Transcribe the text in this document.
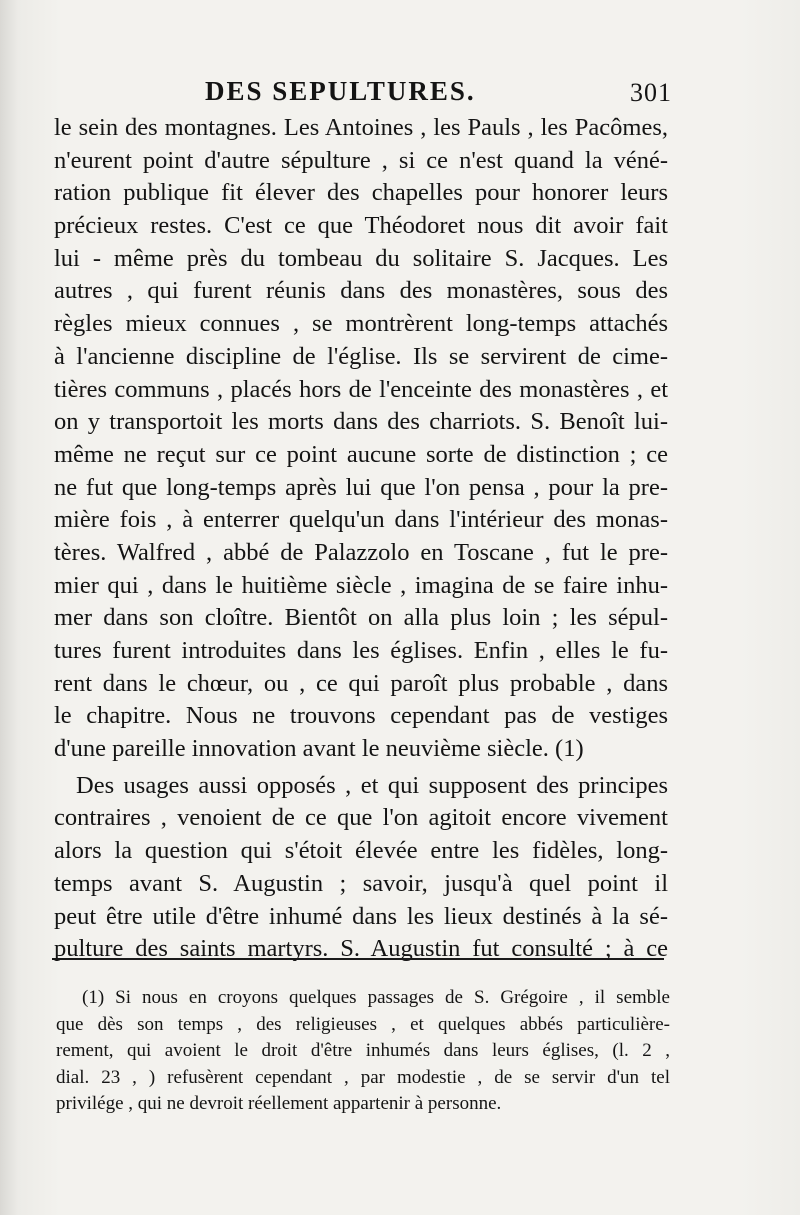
DES SEPULTURES.	301
le sein des montagnes. Les Antoines , les Pauls , les Pacômes,
n'eurent point d'autre sépulture , si ce n'est quand la véné-
ration publique fit élever des chapelles pour honorer leurs
précieux restes. C'est ce que Théodoret nous dit avoir fait
lui - même près du tombeau du solitaire S. Jacques. Les
autres , qui furent réunis dans des monastères, sous des
règles mieux connues , se montrèrent long-temps attachés
à l'ancienne discipline de l'église. Ils se servirent de cime-
tières communs , placés hors de l'enceinte des monastères , et
on y transportoit les morts dans des charriots. S. Benoît lui-
même ne reçut sur ce point aucune sorte de distinction ; ce
ne fut que long-temps après lui que l'on pensa , pour la pre-
mière fois , à enterrer quelqu'un dans l'intérieur des monas-
tères. Walfred , abbé de Palazzolo en Toscane , fut le pre-
mier qui , dans le huitième siècle , imagina de se faire inhu-
mer dans son cloître. Bientôt on alla plus loin ; les sépul-
tures furent introduites dans les églises. Enfin , elles le fu-
rent dans le chœur, ou , ce qui paroît plus probable , dans
le chapitre. Nous ne trouvons cependant pas de vestiges
d'une pareille innovation avant le neuvième siècle. (1)
Des usages aussi opposés , et qui supposent des principes
contraires , venoient de ce que l'on agitoit encore vivement
alors la question qui s'étoit élevée entre les fidèles, long-
temps avant S. Augustin ; savoir, jusqu'à quel point il
peut être utile d'être inhumé dans les lieux destinés à la sé-
pulture des saints martyrs. S. Augustin fut consulté ; à ce
(1) Si nous en croyons quelques passages de S. Grégoire , il semble
que dès son temps , des religieuses , et quelques abbés particulière-
rement, qui avoient le droit d'être inhumés dans leurs églises, (l. 2 ,
dial. 23 , ) refusèrent cependant , par modestie , de se servir d'un tel
privilége , qui ne devroit réellement appartenir à personne.
